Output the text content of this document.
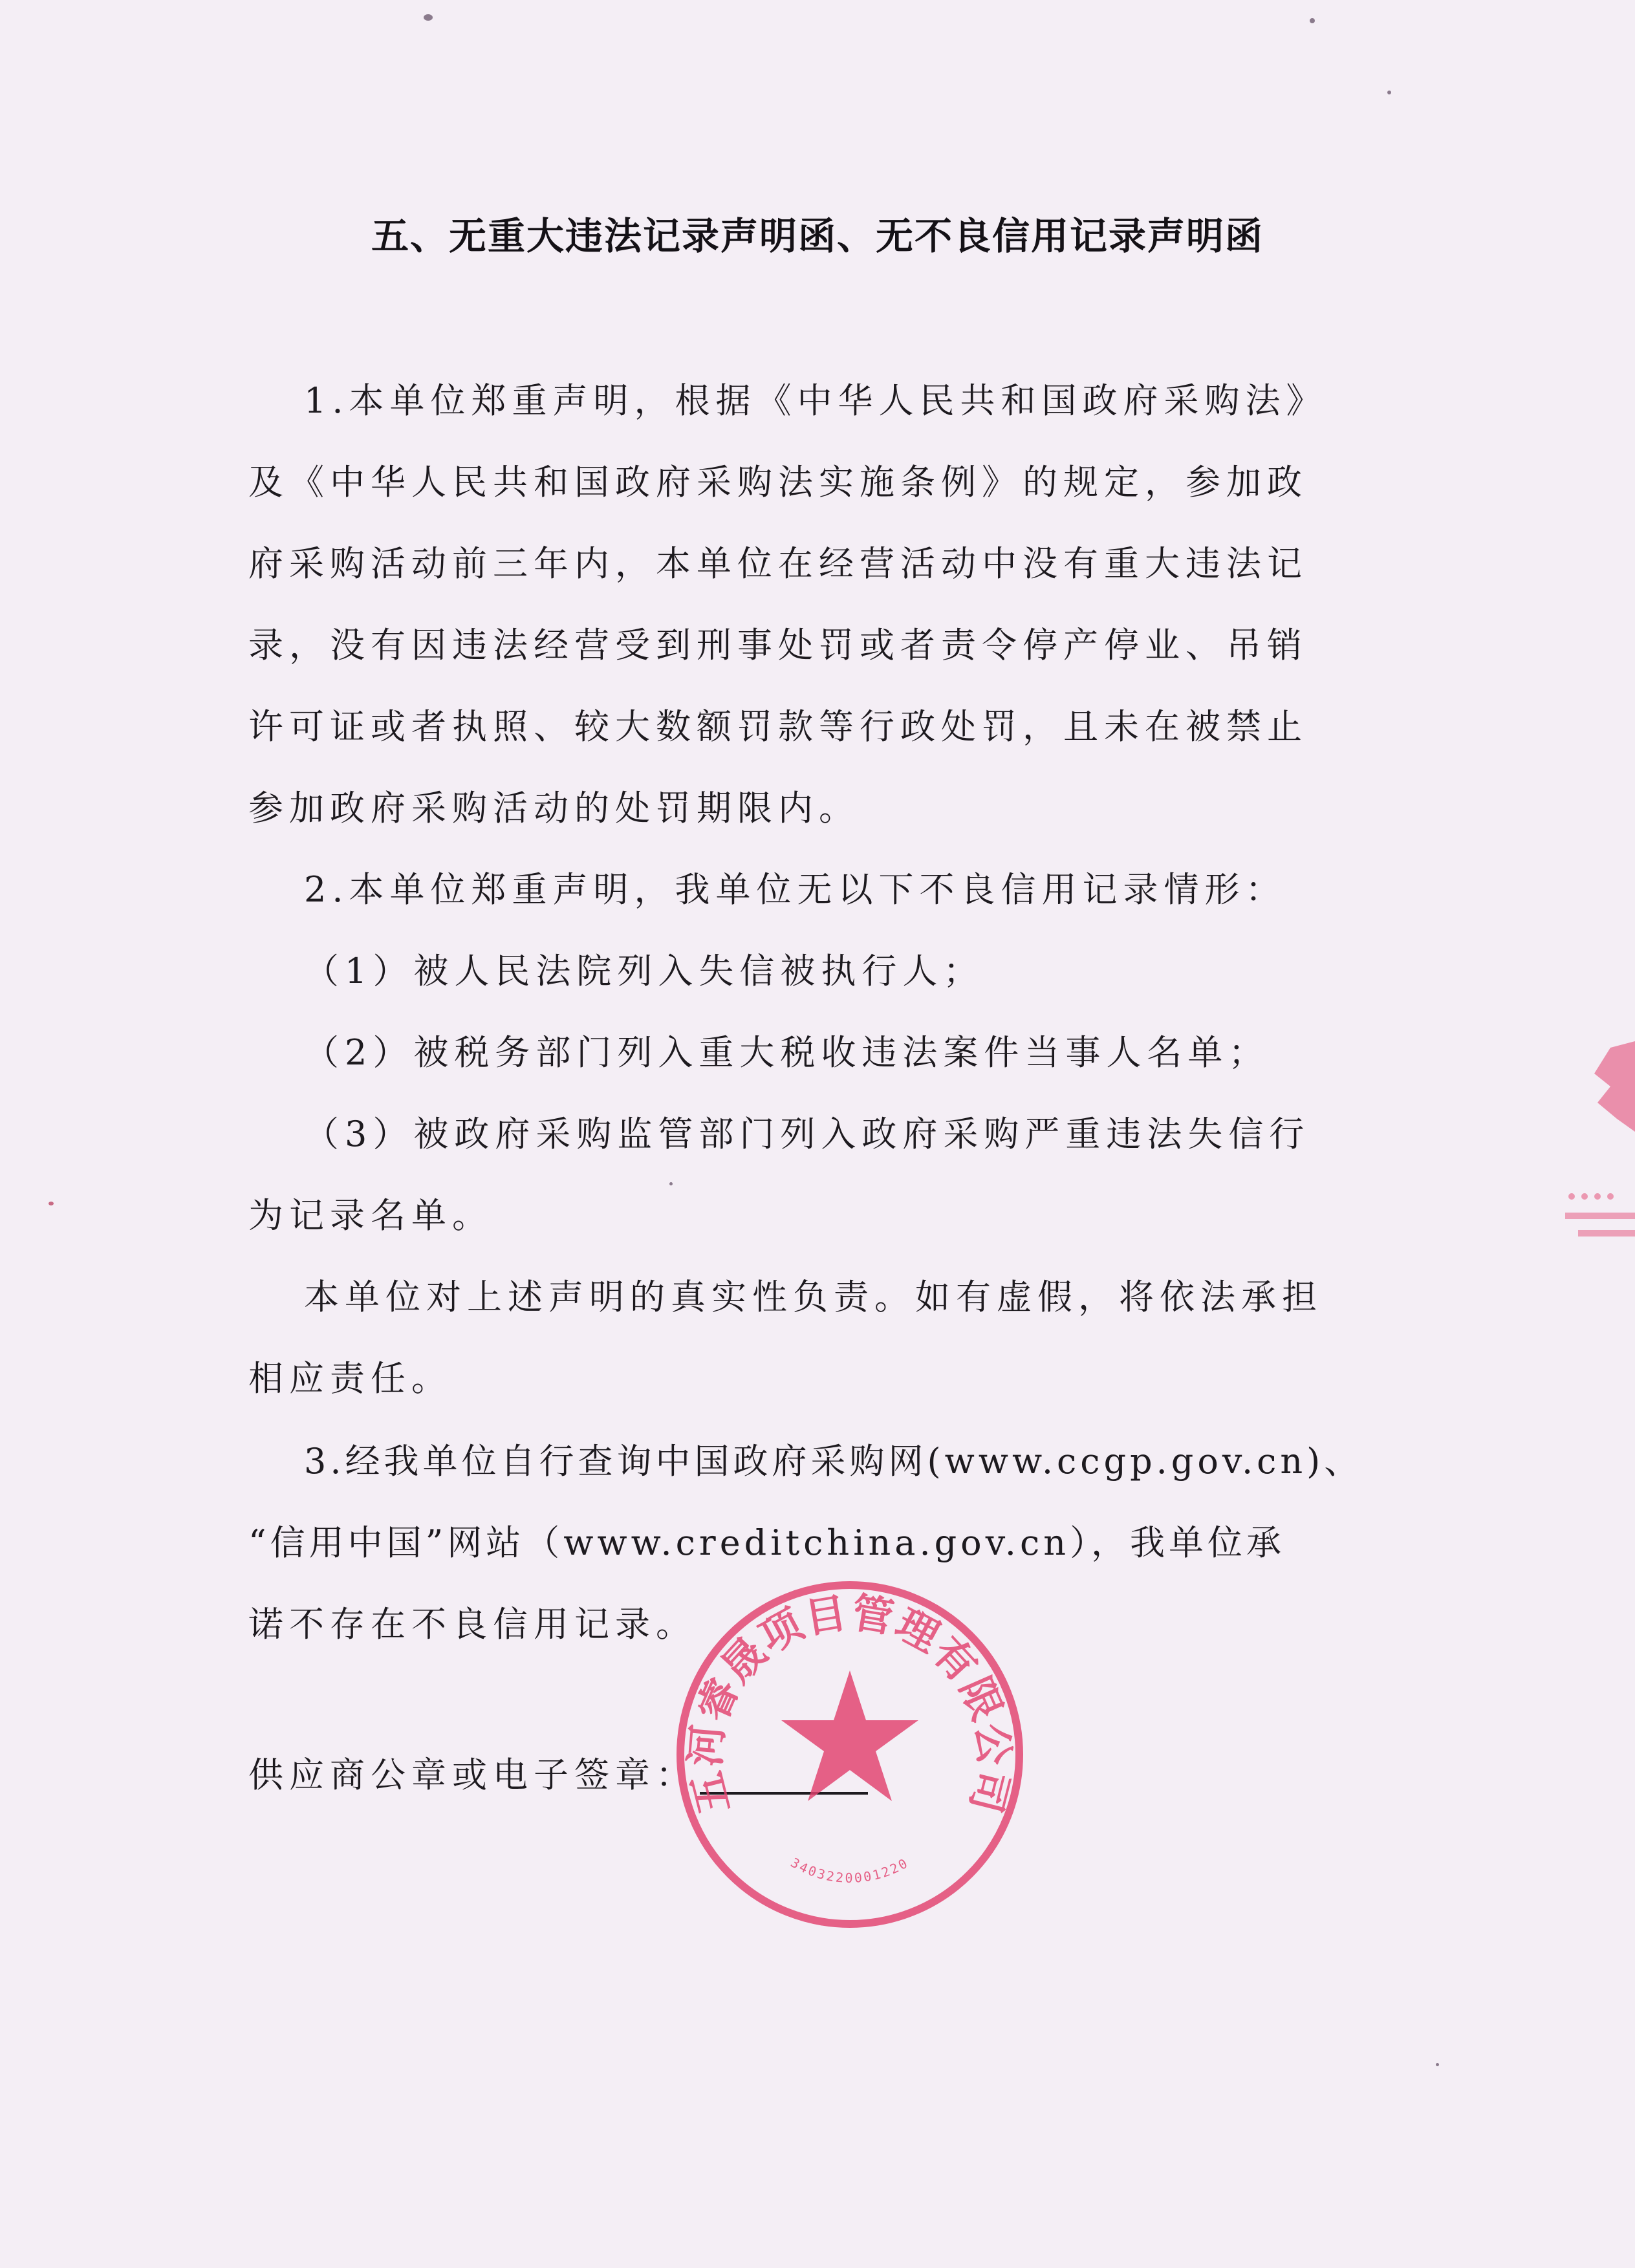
五、无重大违法记录声明函、无不良信用记录声明函
1.本单位郑重声明，根据《中华人民共和国政府采购法》
及《中华人民共和国政府采购法实施条例》的规定，参加政
府采购活动前三年内，本单位在经营活动中没有重大违法记
录，没有因违法经营受到刑事处罚或者责令停产停业、吊销
许可证或者执照、较大数额罚款等行政处罚，且未在被禁止
参加政府采购活动的处罚期限内。
2.本单位郑重声明，我单位无以下不良信用记录情形：
（1）被人民法院列入失信被执行人；
（2）被税务部门列入重大税收违法案件当事人名单；
（3）被政府采购监管部门列入政府采购严重违法失信行
为记录名单。
本单位对上述声明的真实性负责。如有虚假，将依法承担
相应责任。
3.经我单位自行查询中国政府采购网(www.ccgp.gov.cn)、
“信用中国”网站（www.creditchina.gov.cn），我单位承
诺不存在不良信用记录。
供应商公章或电子签章：
五河睿晟项目管理有限公司
3403220001220
